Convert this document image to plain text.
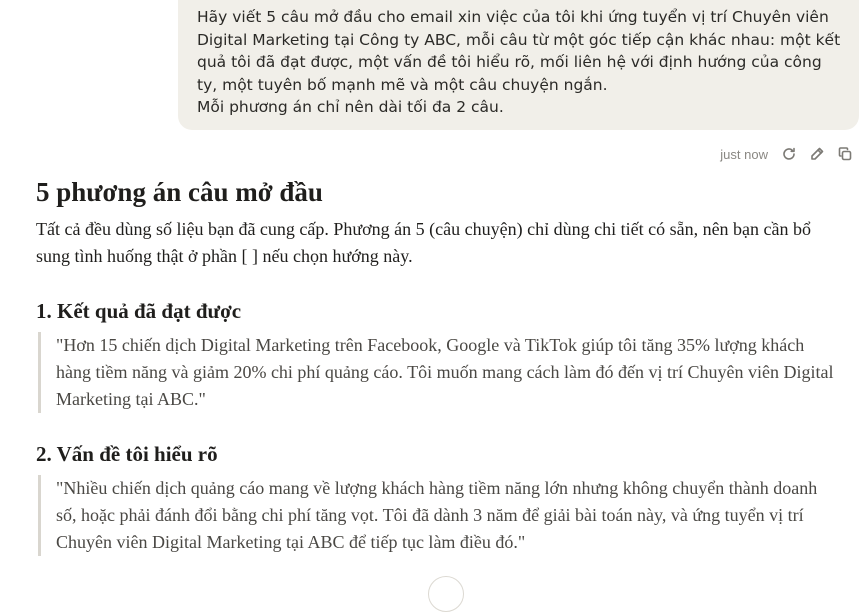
Hãy viết 5 câu mở đầu cho email xin việc của tôi khi ứng tuyển vị trí Chuyên viên Digital Marketing tại Công ty ABC, mỗi câu từ một góc tiếp cận khác nhau: một kết quả tôi đã đạt được, một vấn đề tôi hiểu rõ, mối liên hệ với định hướng của công ty, một tuyên bố mạnh mẽ và một câu chuyện ngắn.
Mỗi phương án chỉ nên dài tối đa 2 câu.
just now
5 phương án câu mở đầu

Tất cả đều dùng số liệu bạn đã cung cấp. Phương án 5 (câu chuyện) chỉ dùng chi tiết có sẵn, nên bạn cần bổ sung tình huống thật ở phần [ ] nếu chọn hướng này.

1. Kết quả đã đạt được
"Hơn 15 chiến dịch Digital Marketing trên Facebook, Google và TikTok giúp tôi tăng 35% lượng khách hàng tiềm năng và giảm 20% chi phí quảng cáo. Tôi muốn mang cách làm đó đến vị trí Chuyên viên Digital Marketing tại ABC."
2. Vấn đề tôi hiểu rõ
"Nhiều chiến dịch quảng cáo mang về lượng khách hàng tiềm năng lớn nhưng không chuyển thành doanh số, hoặc phải đánh đổi bằng chi phí tăng vọt. Tôi đã dành 3 năm để giải bài toán này, và ứng tuyển vị trí Chuyên viên Digital Marketing tại ABC để tiếp tục làm điều đó."
